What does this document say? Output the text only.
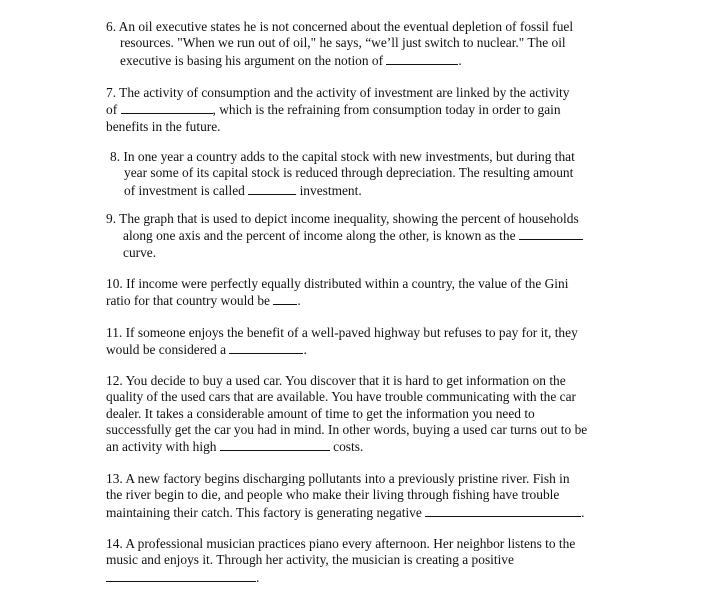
6. An oil executive states he is not concerned about the eventual depletion of fossil fuel
resources. "When we run out of oil," he says, “we’ll just switch to nuclear." The oil
executive is basing his argument on the notion of	.
7. The activity of consumption and the activity of investment are linked by the activity
of	, which is the refraining from consumption today in order to gain
benefits in the future.
8. In one year a country adds to the capital stock with new investments, but during that
year some of its capital stock is reduced through depreciation. The resulting amount
of investment is called	investment.
9. The graph that is used to depict income inequality, showing the percent of households
along one axis and the percent of income along the other, is known as the
curve.
10. If income were perfectly equally distributed within a country, the value of the Gini
ratio for that country would be .
11. If someone enjoys the benefit of a well-paved highway but refuses to pay for it, they
would be considered a	.
12. You decide to buy a used car. You discover that it is hard to get information on the
quality of the used cars that are available. You have trouble communicating with the car
dealer. It takes a considerable amount of time to get the information you need to
successfully get the car you had in mind. In other words, buying a used car turns out to be
an activity with high	costs.
13. A new factory begins discharging pollutants into a previously pristine river. Fish in
the river begin to die, and people who make their living through fishing have trouble
maintaining their catch. This factory is generating negative	.
14. A professional musician practices piano every afternoon. Her neighbor listens to the
music and enjoys it. Through her activity, the musician is creating a positive
.
